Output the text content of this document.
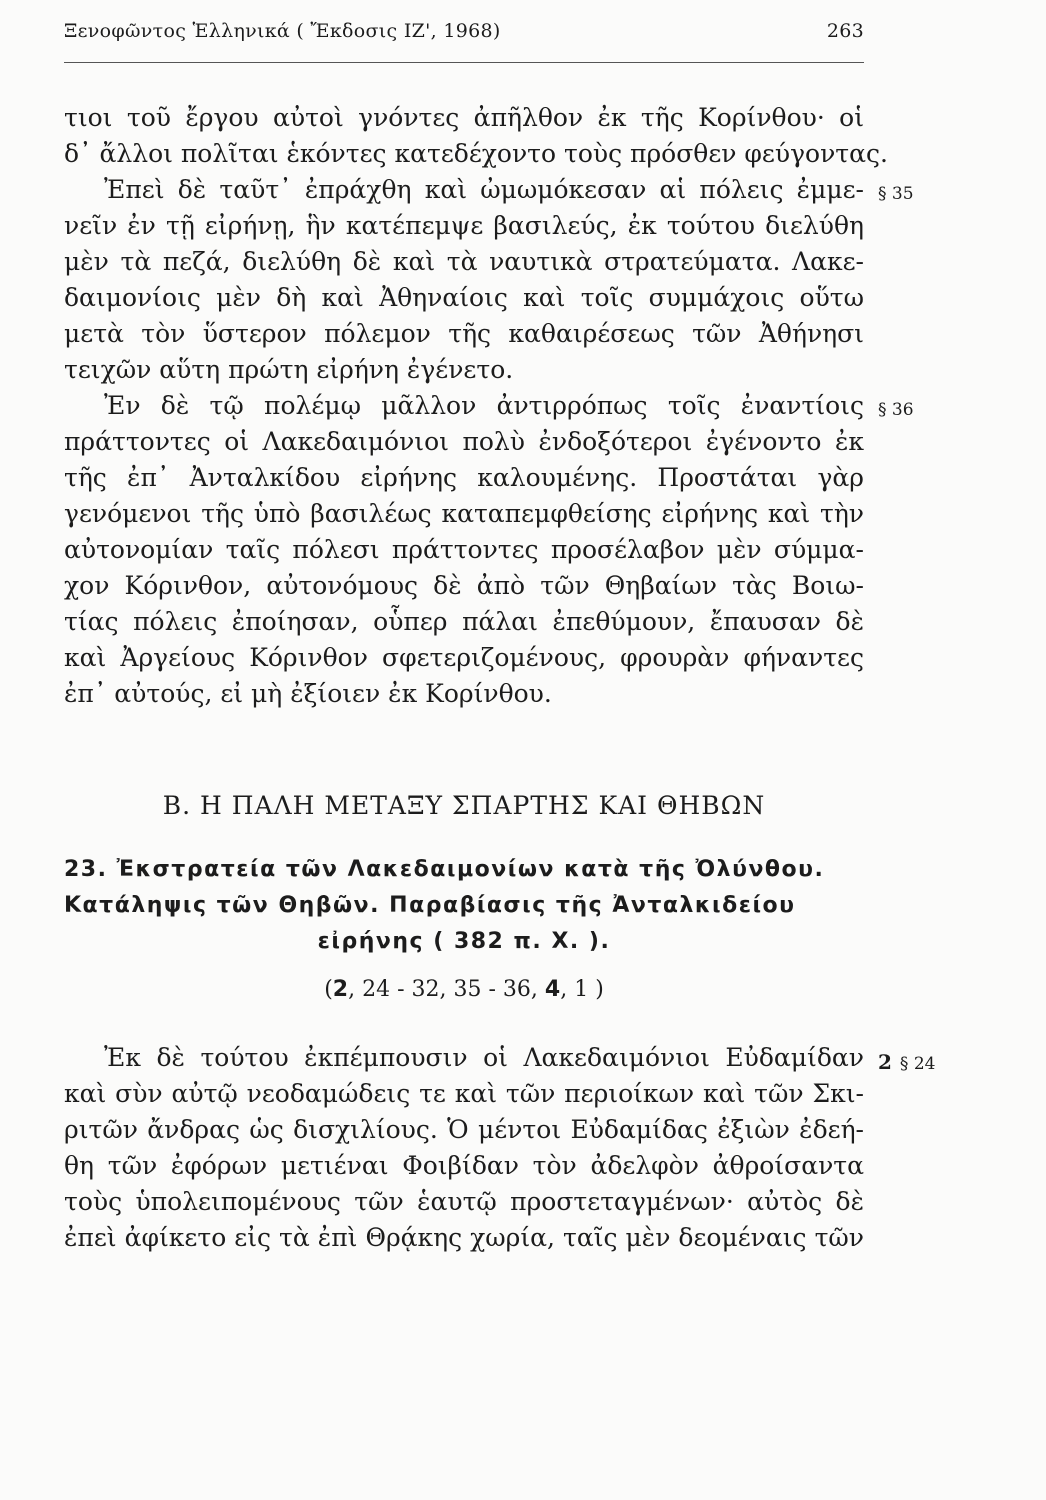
Ξενοφῶντος Ἑλληνικά ( Ἔκδοσις ΙΖ', 1968)	263
τιοι τοῦ ἔργου αὐτοὶ γνόντες ἀπῆλθον ἐκ τῆς Κορίνθου· οἱ
δ᾿ ἄλλοι πολῖται ἑκόντες κατεδέχοντο τοὺς πρόσθεν φεύγοντας.
Ἐπεὶ δὲ ταῦτ᾿ ἐπράχθη καὶ ὠμωμόκεσαν αἱ πόλεις ἐμμε-
νεῖν ἐν τῇ εἰρήνῃ, ἣν κατέπεμψε βασιλεύς, ἐκ τούτου διελύθη
μὲν τὰ πεζά, διελύθη δὲ καὶ τὰ ναυτικὰ στρατεύματα. Λακε-
δαιμονίοις μὲν δὴ καὶ Ἀθηναίοις καὶ τοῖς συμμάχοις οὕτω
μετὰ τὸν ὕστερον πόλεμον τῆς καθαιρέσεως τῶν Ἀθήνησι
τειχῶν αὕτη πρώτη εἰρήνη ἐγένετο.
Ἐν δὲ τῷ πολέμῳ μᾶλλον ἀντιρρόπως τοῖς ἐναντίοις
πράττοντες οἱ Λακεδαιμόνιοι πολὺ ἐνδοξότεροι ἐγένοντο ἐκ
τῆς ἐπ᾿ Ἀνταλκίδου εἰρήνης καλουμένης. Προστάται γὰρ
γενόμενοι τῆς ὑπὸ βασιλέως καταπεμφθείσης εἰρήνης καὶ τὴν
αὐτονομίαν ταῖς πόλεσι πράττοντες προσέλαβον μὲν σύμμα-
χον Κόρινθον, αὐτονόμους δὲ ἀπὸ τῶν Θηβαίων τὰς Βοιω-
τίας πόλεις ἐποίησαν, οὗπερ πάλαι ἐπεθύμουν, ἔπαυσαν δὲ
καὶ Ἀργείους Κόρινθον σφετεριζομένους, φρουρὰν φήναντες
ἐπ᾿ αὐτούς, εἰ μὴ ἐξίοιεν ἐκ Κορίνθου.
§ 35
§ 36
Β. Η ΠΑΛΗ ΜΕΤΑΞΥ ΣΠΑΡΤΗΣ ΚΑΙ ΘΗΒΩΝ
23. Ἐκστρατεία τῶν Λακεδαιμονίων κατὰ τῆς Ὀλύνθου.
Κατάληψις τῶν Θηβῶν. Παραβίασις τῆς Ἀνταλκιδείου
εἰρήνης ( 382 π. Χ. ).
(2, 24 - 32, 35 - 36, 4, 1 )
Ἐκ δὲ τούτου ἐκπέμπουσιν οἱ Λακεδαιμόνιοι Εὐδαμίδαν
καὶ σὺν αὐτῷ νεοδαμώδεις τε καὶ τῶν περιοίκων καὶ τῶν Σκι-
ριτῶν ἄνδρας ὡς δισχιλίους. Ὁ μέντοι Εὐδαμίδας ἐξιὼν ἐδεή-
θη τῶν ἐφόρων μετιέναι Φοιβίδαν τὸν ἀδελφὸν ἀθροίσαντα
τοὺς ὑπολειπομένους τῶν ἑαυτῷ προστεταγμένων· αὐτὸς δὲ
ἐπεὶ ἀφίκετο εἰς τὰ ἐπὶ Θρᾴκης χωρία, ταῖς μὲν δεομέναις τῶν
2 § 24
